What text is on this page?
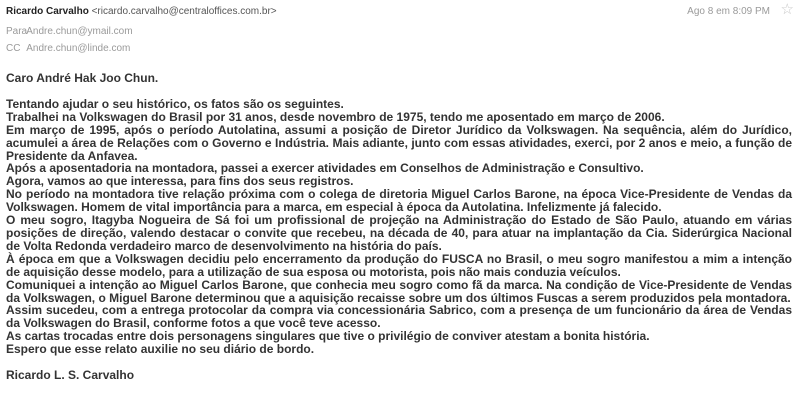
Ricardo Carvalho <ricardo.carvalho@centraloffices.com.br>
Para Andre.chun@ymail.com
CC Andre.chun@linde.com
Ago 8 em 8:09 PM ☆

Caro André Hak Joo Chun.

Tentando ajudar o seu histórico, os fatos são os seguintes.

Trabalhei na Volkswagen do Brasil por 31 anos, desde novembro de 1975, tendo me aposentado em março de 2006.

Em março de 1995, após o período Autolatina, assumi a posição de Diretor Jurídico da Volkswagen. Na sequência, além do Jurídico, acumulei a área de Relações com o Governo e Indústria. Mais adiante, junto com essas atividades, exerci, por 2 anos e meio, a função de Presidente da Anfavea.

Após a aposentadoria na montadora, passei a exercer atividades em Conselhos de Administração e Consultivo.

Agora, vamos ao que interessa, para fins dos seus registros.

No período na montadora tive relação próxima com o colega de diretoria Miguel Carlos Barone, na época Vice-Presidente de Vendas da Volkswagen. Homem de vital importância para a marca, em especial à época da Autolatina. Infelizmente já falecido.

O meu sogro, Itagyba Nogueira de Sá foi um profissional de projeção na Administração do Estado de São Paulo, atuando em várias posições de direção, valendo destacar o convite que recebeu, na década de 40, para atuar na implantação da Cia. Siderúrgica Nacional de Volta Redonda verdadeiro marco de desenvolvimento na história do país.

À época em que a Volkswagen decidiu pelo encerramento da produção do FUSCA no Brasil, o meu sogro manifestou a mim a intenção de aquisição desse modelo, para a utilização de sua esposa ou motorista, pois não mais conduzia veículos.

Comuniquei a intenção ao Miguel Carlos Barone, que conhecia meu sogro como fã da marca. Na condição de Vice-Presidente de Vendas da Volkswagen, o Miguel Barone determinou que a aquisição recaisse sobre um dos últimos Fuscas a serem produzidos pela montadora.

Assim sucedeu, com a entrega protocolar da compra via concessionária Sabrico, com a presença de um funcionário da área de Vendas da Volkswagen do Brasil, conforme fotos a que você teve acesso.

As cartas trocadas entre dois personagens singulares que tive o privilégio de conviver atestam a bonita história.

Espero que esse relato auxilie no seu diário de bordo.

Ricardo L. S. Carvalho
